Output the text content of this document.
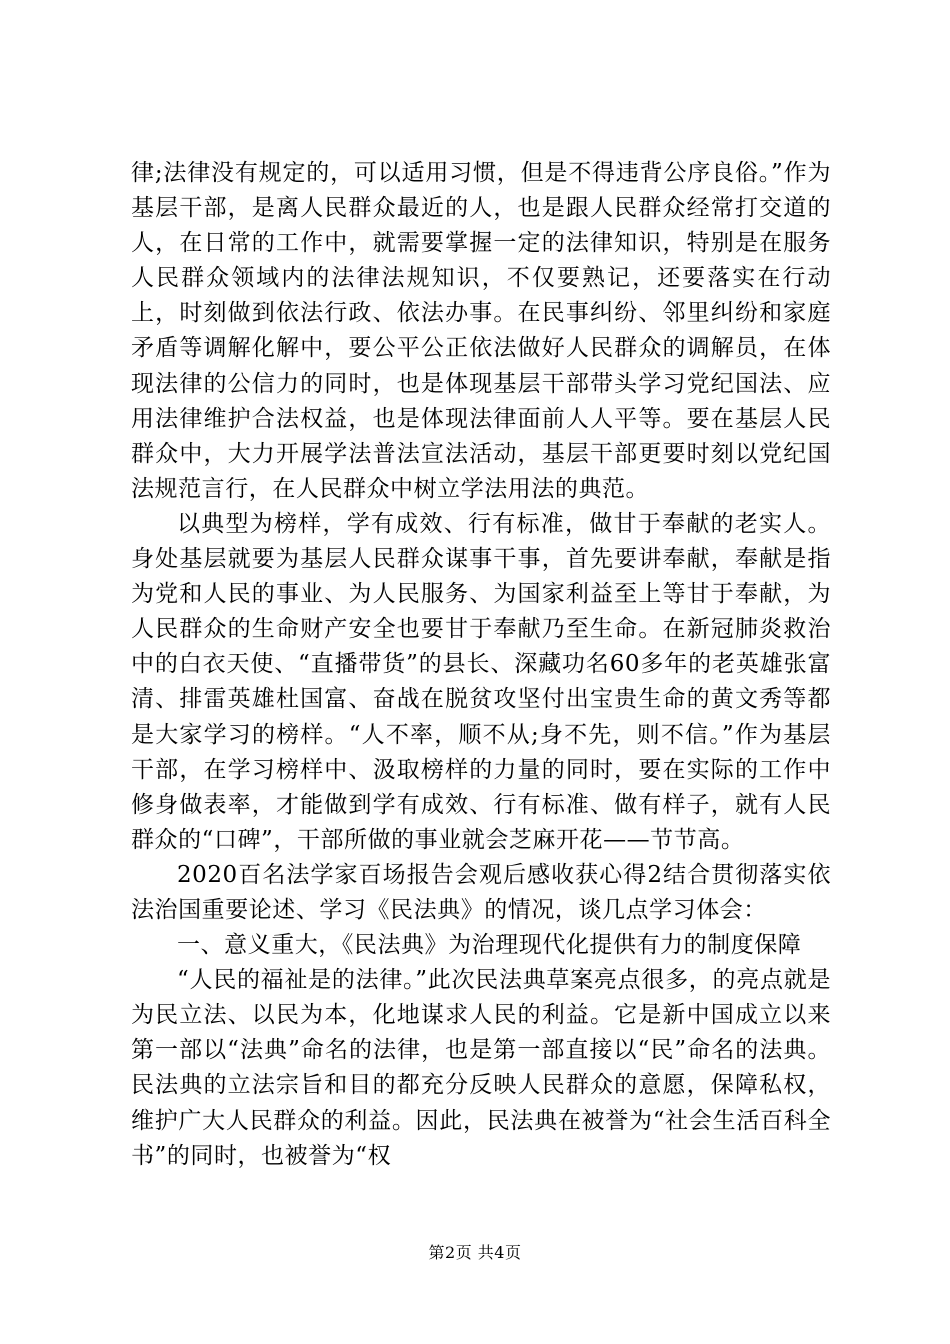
律;法律没有规定的，可以适用习惯，但是不得违背公序良俗。”作为基层干部，是离人民群众最近的人，也是跟人民群众经常打交道的人，在日常的工作中，就需要掌握一定的法律知识，特别是在服务人民群众领域内的法律法规知识，不仅要熟记，还要落实在行动上，时刻做到依法行政、依法办事。在民事纠纷、邻里纠纷和家庭矛盾等调解化解中，要公平公正依法做好人民群众的调解员，在体现法律的公信力的同时，也是体现基层干部带头学习党纪国法、应用法律维护合法权益，也是体现法律面前人人平等。要在基层人民群众中，大力开展学法普法宣法活动，基层干部更要时刻以党纪国法规范言行，在人民群众中树立学法用法的典范。

以典型为榜样，学有成效、行有标准，做甘于奉献的老实人。身处基层就要为基层人民群众谋事干事，首先要讲奉献，奉献是指为党和人民的事业、为人民服务、为国家利益至上等甘于奉献，为人民群众的生命财产安全也要甘于奉献乃至生命。在新冠肺炎救治中的白衣天使、“直播带货”的县长、深藏功名60多年的老英雄张富清、排雷英雄杜国富、奋战在脱贫攻坚付出宝贵生命的黄文秀等都是大家学习的榜样。“人不率，顺不从;身不先，则不信。”作为基层干部，在学习榜样中、汲取榜样的力量的同时，要在实际的工作中修身做表率，才能做到学有成效、行有标准、做有样子，就有人民群众的“口碑”，干部所做的事业就会芝麻开花——节节高。

2020百名法学家百场报告会观后感收获心得2结合贯彻落实依法治国重要论述、学习《民法典》的情况，谈几点学习体会：

一、意义重大，《民法典》为治理现代化提供有力的制度保障

“人民的福祉是的法律。”此次民法典草案亮点很多，的亮点就是为民立法、以民为本，化地谋求人民的利益。它是新中国成立以来第一部以“法典”命名的法律，也是第一部直接以“民”命名的法典。民法典的立法宗旨和目的都充分反映人民群众的意愿，保障私权，维护广大人民群众的利益。因此，民法典在被誉为“社会生活百科全书”的同时，也被誉为“权

第2页 共4页
